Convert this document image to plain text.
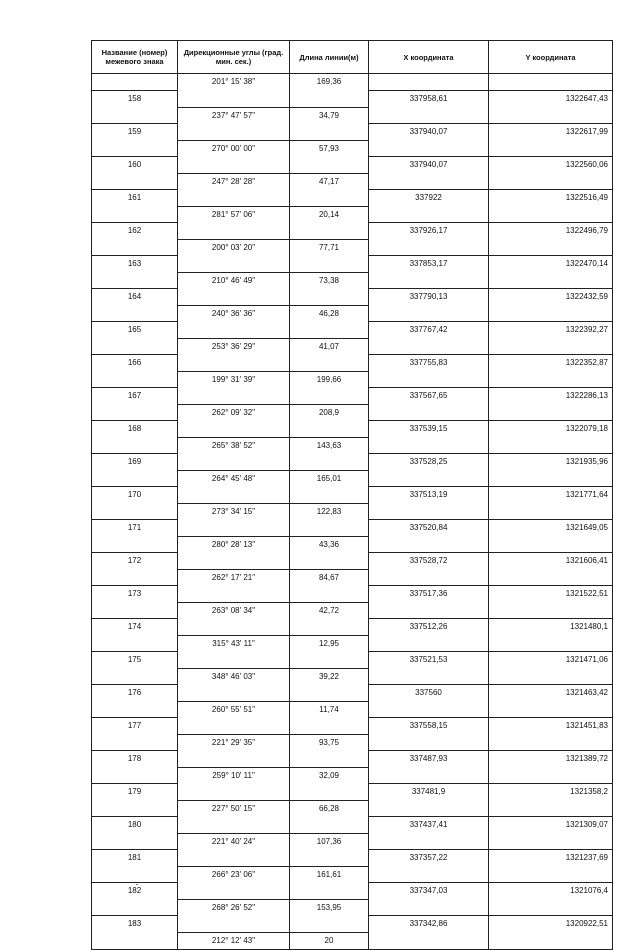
Название (номер) межевого знака	Дирекционные углы (град. мин. сек.)	Длина линии(м)	Х координата	Y координата
	201° 15' 38"	169,36		
158			337958,61	1322647,43
	237° 47' 57"	34,79		
159			337940,07	1322617,99
	270° 00' 00"	57,93		
160			337940,07	1322560,06
	247° 28' 28"	47,17		
161			337922	1322516,49
	281° 57' 06"	20,14		
162			337926,17	1322496,79
	200° 03' 20"	77,71		
163			337853,17	1322470,14
	210° 46' 49"	73,38		
164			337790,13	1322432,59
	240° 36' 36"	46,28		
165			337767,42	1322392,27
	253° 36' 29"	41,07		
166			337755,83	1322352,87
	199° 31' 39"	199,66		
167			337567,65	1322286,13
	262° 09' 32"	208,9		
168			337539,15	1322079,18
	265° 38' 52"	143,63		
169			337528,25	1321935,96
	264° 45' 48"	165,01		
170			337513,19	1321771,64
	273° 34' 15"	122,83		
171			337520,84	1321649,05
	280° 28' 13"	43,36		
172			337528,72	1321606,41
	262° 17' 21"	84,67		
173			337517,36	1321522,51
	263° 08' 34"	42,72		
174			337512,26	1321480,1
	315° 43' 11"	12,95		
175			337521,53	1321471,06
	348° 46' 03"	39,22		
176			337560	1321463,42
	260° 55' 51"	11,74		
177			337558,15	1321451,83
	221° 29' 35"	93,75		
178			337487,93	1321389,72
	259° 10' 11"	32,09		
179			337481,9	1321358,2
	227° 50' 15"	66,28		
180			337437,41	1321309,07
	221° 40' 24"	107,36		
181			337357,22	1321237,69
	266° 23' 06"	161,61		
182			337347,03	1321076,4
	268° 26' 52"	153,95		
183			337342,86	1320922,51
	212° 12' 43"	20		
